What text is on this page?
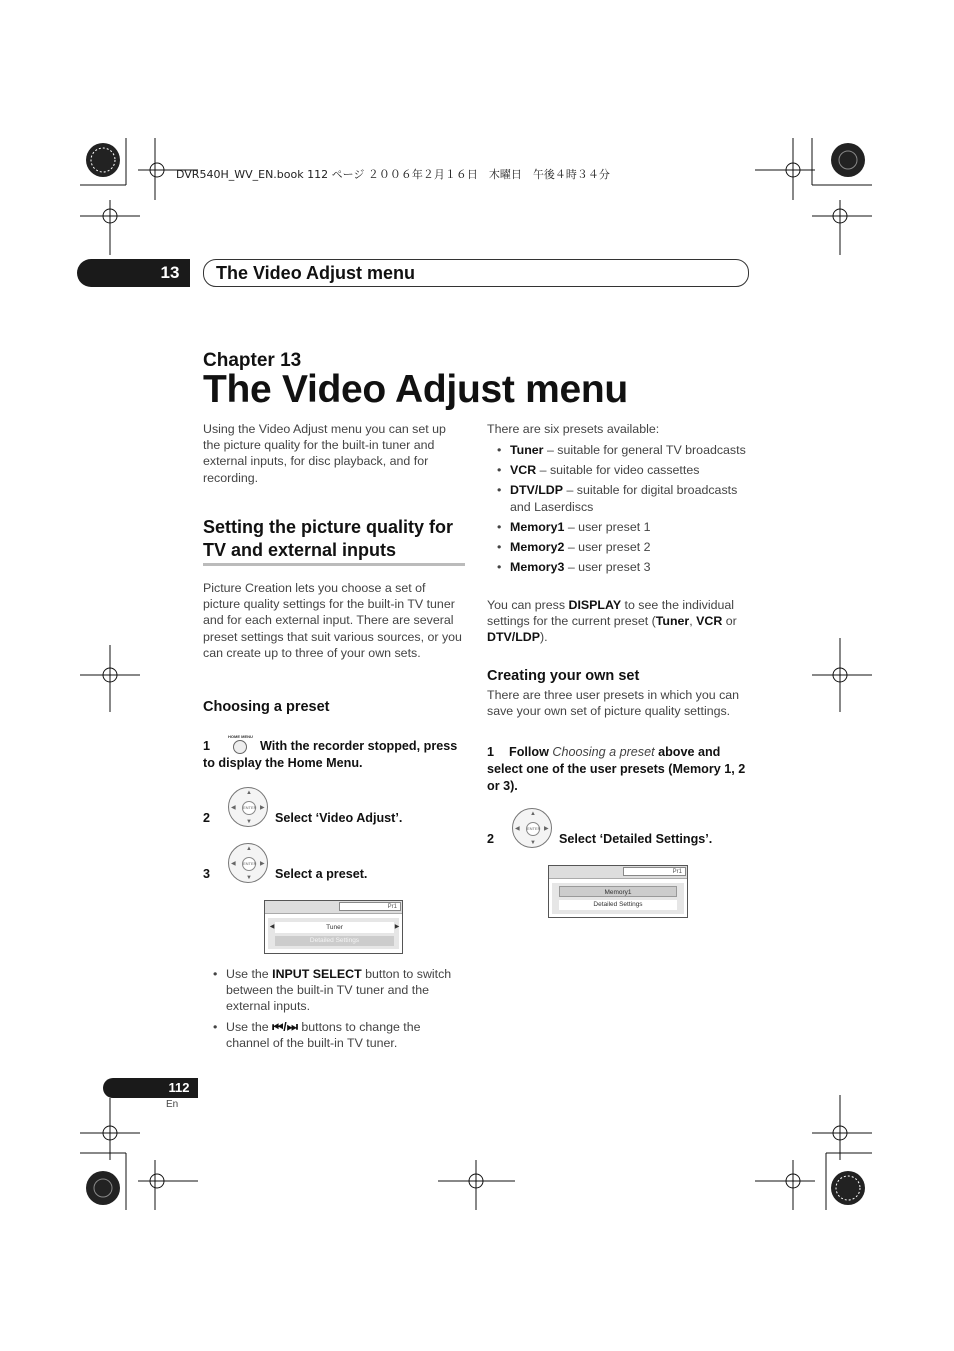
DVR540H_WV_EN.book 112 ページ ２００６年２月１６日　木曜日　午後４時３４分
13	The Video Adjust menu
Chapter 13
The Video Adjust menu
Using the Video Adjust menu you can set up the picture quality for the built-in tuner and external inputs, for disc playback, and for recording.
Setting the picture quality for TV and external inputs
Picture Creation lets you choose a set of picture quality settings for the built-in TV tuner and for each external input. There are several preset settings that suit various sources, or you can create up to three of your own sets.
Choosing a preset
HOME MENU
1	With the recorder stopped, press to display the Home Menu.
2
▲
▼
◀	▶
ENTER
Select ‘Video Adjust’.
3
▲
▼
◀	▶
ENTER
Select a preset.
Pr1
Tuner
◀	▶
Detailed Settings
• Use the INPUT SELECT button to switch between the built-in TV tuner and the external inputs.
• Use the ⏮/⏭ buttons to change the channel of the built-in TV tuner.
There are six presets available:
• Tuner – suitable for general TV broadcasts
• VCR – suitable for video cassettes
• DTV/LDP – suitable for digital broadcasts and Laserdiscs
• Memory1 – user preset 1
• Memory2 – user preset 2
• Memory3 – user preset 3
You can press DISPLAY to see the individual settings for the current preset (Tuner, VCR or DTV/LDP).
Creating your own set
There are three user presets in which you can save your own set of picture quality settings.
1 Follow Choosing a preset above and select one of the user presets (Memory 1, 2 or 3).
2
▲
▼
◀	▶
ENTER
Select ‘Detailed Settings’.
Pr1
Memory1
Detailed Settings
112
En
